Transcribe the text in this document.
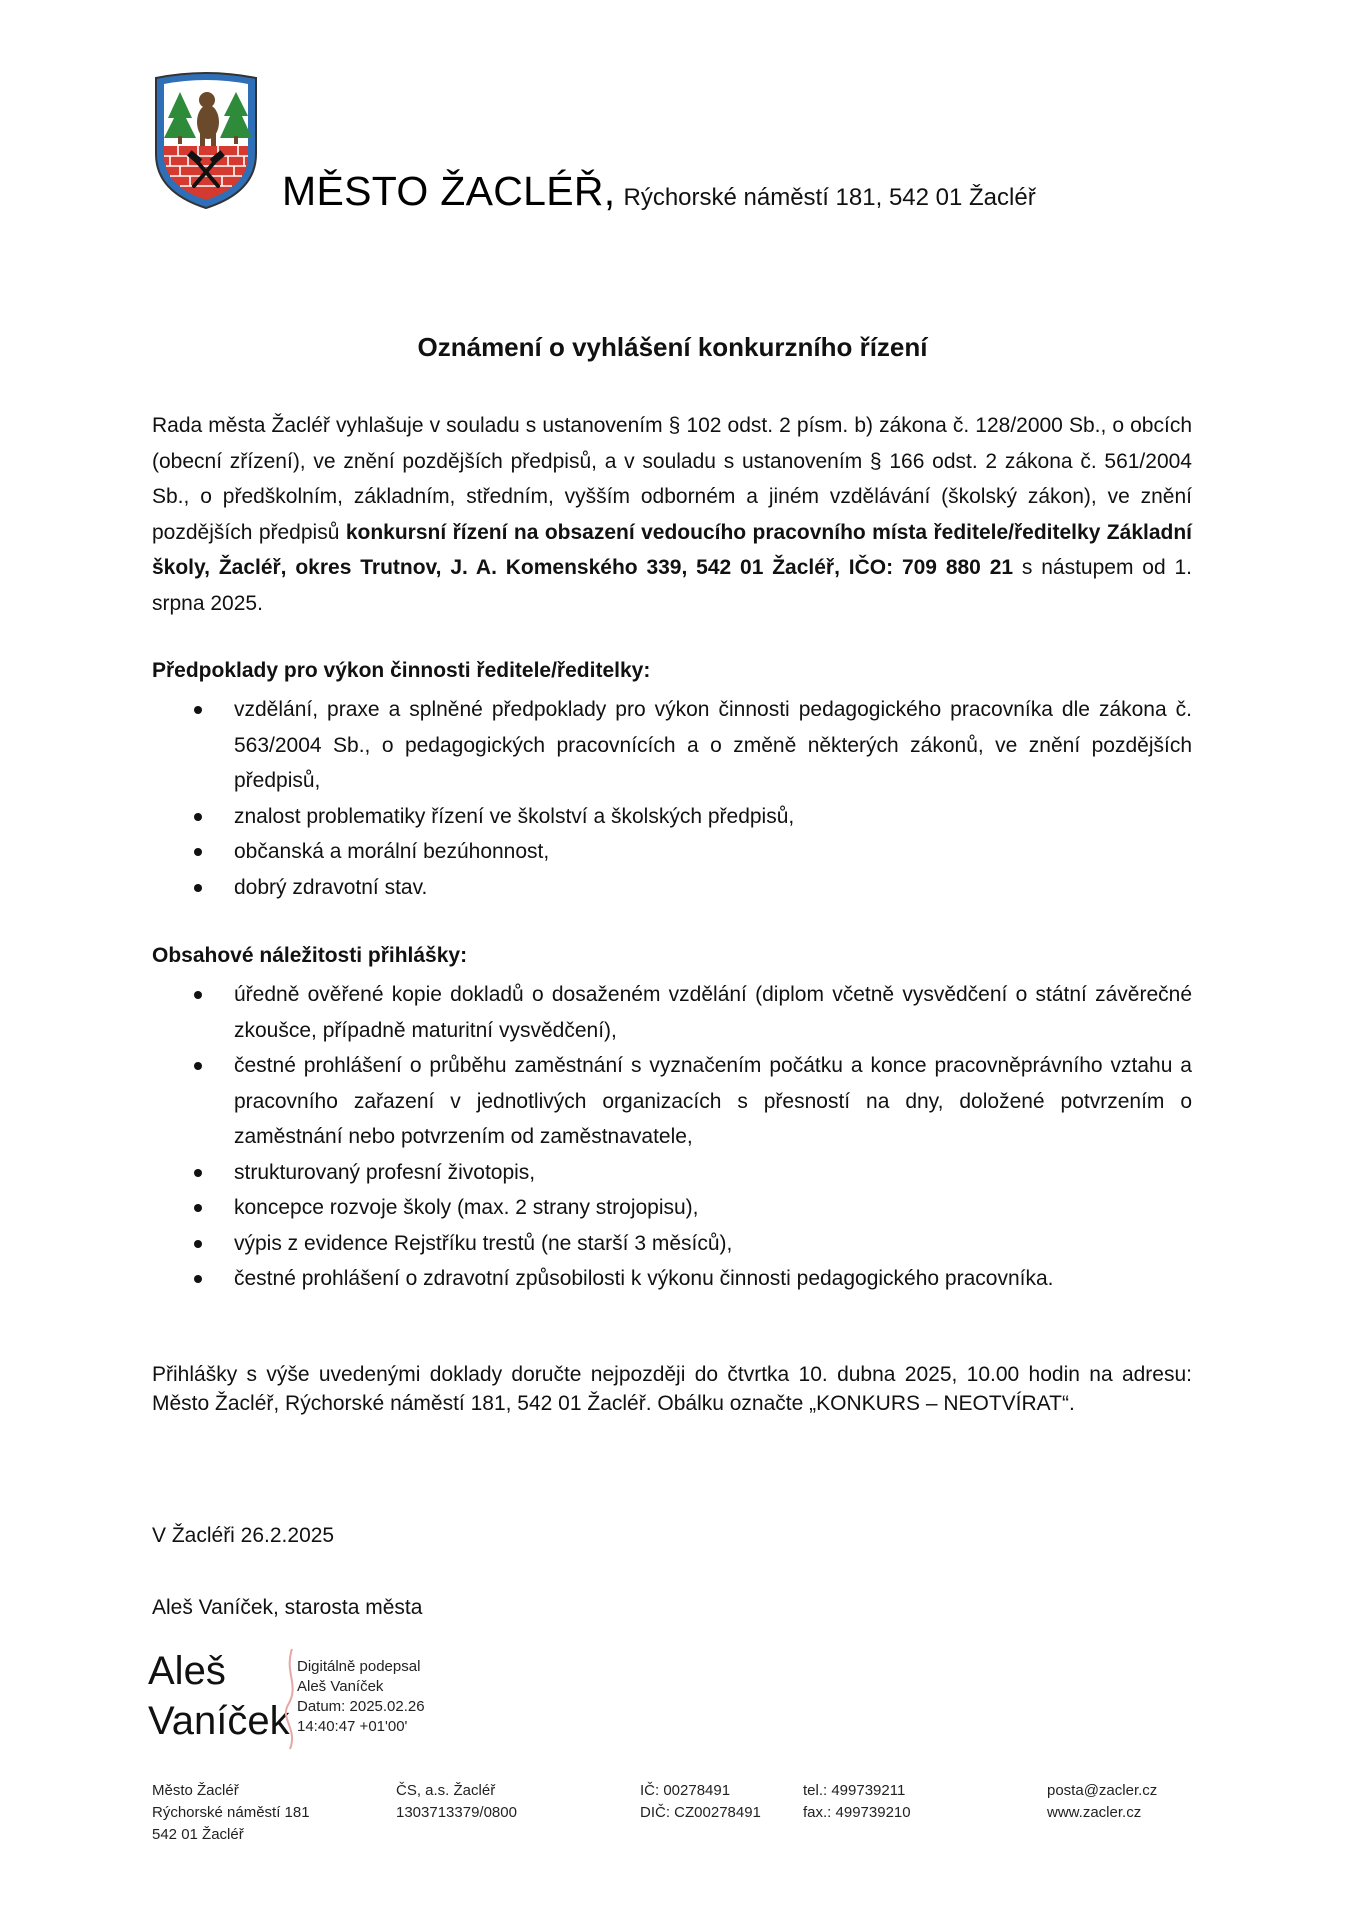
MĚSTO ŽACLÉŘ, Rýchorské náměstí 181, 542 01 Žacléř
Oznámení o vyhlášení konkurzního řízení
Rada města Žacléř vyhlašuje v souladu s ustanovením § 102 odst. 2 písm. b) zákona č. 128/2000 Sb., o obcích (obecní zřízení), ve znění pozdějších předpisů, a v souladu s ustanovením § 166 odst. 2 zákona č. 561/2004 Sb., o předškolním, základním, středním, vyšším odborném a jiném vzdělávání (školský zákon), ve znění pozdějších předpisů konkursní řízení na obsazení vedoucího pracovního místa ředitele/ředitelky Základní školy, Žacléř, okres Trutnov, J. A. Komenského 339, 542 01 Žacléř, IČO: 709 880 21 s nástupem od 1. srpna 2025.
Předpoklady pro výkon činnosti ředitele/ředitelky:
vzdělání, praxe a splněné předpoklady pro výkon činnosti pedagogického pracovníka dle zákona č. 563/2004 Sb., o pedagogických pracovnících a o změně některých zákonů, ve znění pozdějších předpisů,
znalost problematiky řízení ve školství a školských předpisů,
občanská a morální bezúhonnost,
dobrý zdravotní stav.
Obsahové náležitosti přihlášky:
úředně ověřené kopie dokladů o dosaženém vzdělání (diplom včetně vysvědčení o státní závěrečné zkoušce, případně maturitní vysvědčení),
čestné prohlášení o průběhu zaměstnání s vyznačením počátku a konce pracovněprávního vztahu a pracovního zařazení v jednotlivých organizacích s přesností na dny, doložené potvrzením o zaměstnání nebo potvrzením od zaměstnavatele,
strukturovaný profesní životopis,
koncepce rozvoje školy (max. 2 strany strojopisu),
výpis z evidence Rejstříku trestů (ne starší 3 měsíců),
čestné prohlášení o zdravotní způsobilosti k výkonu činnosti pedagogického pracovníka.
Přihlášky s výše uvedenými doklady doručte nejpozději do čtvrtka 10. dubna 2025, 10.00 hodin na adresu: Město Žacléř, Rýchorské náměstí 181, 542 01 Žacléř. Obálku označte „KONKURS – NEOTVÍRAT“.
V Žacléři 26.2.2025
Aleš Vaníček, starosta města
Aleš
Vaníček
Digitálně podepsal
Aleš Vaníček
Datum: 2025.02.26
14:40:47 +01'00'
Město Žacléř
Rýchorské náměstí 181
542 01 Žacléř
ČS, a.s. Žacléř
1303713379/0800
IČ: 00278491
DIČ: CZ00278491
tel.: 499739211
fax.: 499739210
posta@zacler.cz
www.zacler.cz
